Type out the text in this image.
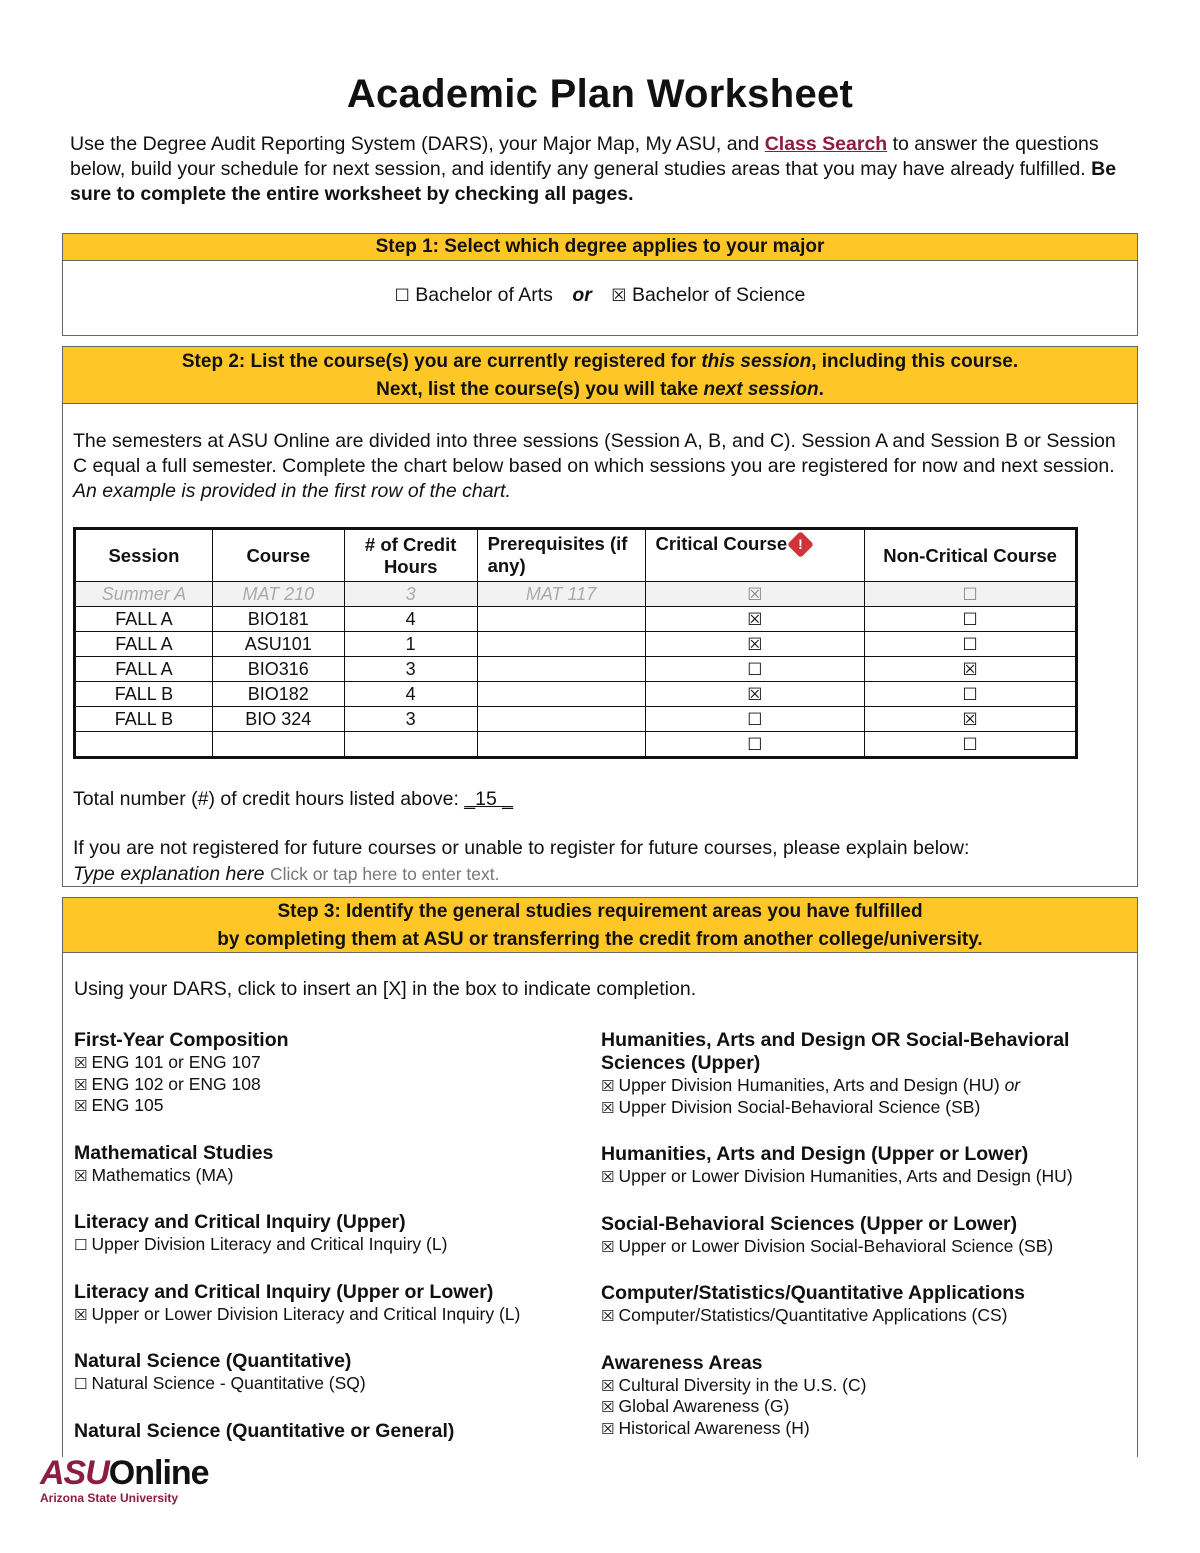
Academic Plan Worksheet

Use the Degree Audit Reporting System (DARS), your Major Map, My ASU, and Class Search to answer the questions below, build your schedule for next session, and identify any general studies areas that you may have already fulfilled. Be sure to complete the entire worksheet by checking all pages.

Step 1: Select which degree applies to your major
☐ Bachelor of Arts or ☒ Bachelor of Science
Step 2: List the course(s) you are currently registered for this session, including this course.
Next, list the course(s) you will take next session.

The semesters at ASU Online are divided into three sessions (Session A, B, and C). Session A and Session B or Session C equal a full semester. Complete the chart below based on which sessions you are registered for now and next session. An example is provided in the first row of the chart.

Session	Course	# of Credit Hours	Prerequisites (if any)	Critical Course !	Non-Critical Course
Summer A	MAT 210	3	MAT 117	☒	☐
FALL A	BIO181	4		☒	☐
FALL A	ASU101	1		☒	☐
FALL A	BIO316	3		☐	☒
FALL B	BIO182	4		☒	☐
FALL B	BIO 324	3		☐	☒
				☐	☐
Total number (#) of credit hours listed above: _15 _
If you are not registered for future courses or unable to register for future courses, please explain below:
Type explanation here Click or tap here to enter text.
Step 3: Identify the general studies requirement areas you have fulfilled
by completing them at ASU or transferring the credit from another college/university.
Using your DARS, click to insert an [X] in the box to indicate completion.
First-Year Composition
☒ ENG 101 or ENG 107
☒ ENG 102 or ENG 108
☒ ENG 105
Mathematical Studies
☒ Mathematics (MA)
Literacy and Critical Inquiry (Upper)
☐ Upper Division Literacy and Critical Inquiry (L)
Literacy and Critical Inquiry (Upper or Lower)
☒ Upper or Lower Division Literacy and Critical Inquiry (L)
Natural Science (Quantitative)
☐ Natural Science - Quantitative (SQ)
Natural Science (Quantitative or General)
Humanities, Arts and Design OR Social-Behavioral Sciences (Upper)
☒ Upper Division Humanities, Arts and Design (HU) or
☒ Upper Division Social-Behavioral Science (SB)
Humanities, Arts and Design (Upper or Lower)
☒ Upper or Lower Division Humanities, Arts and Design (HU)
Social-Behavioral Sciences (Upper or Lower)
☒ Upper or Lower Division Social-Behavioral Science (SB)
Computer/Statistics/Quantitative Applications
☒ Computer/Statistics/Quantitative Applications (CS)
Awareness Areas
☒ Cultural Diversity in the U.S. (C)
☒ Global Awareness (G)
☒ Historical Awareness (H)
ASUOnline
Arizona State University
